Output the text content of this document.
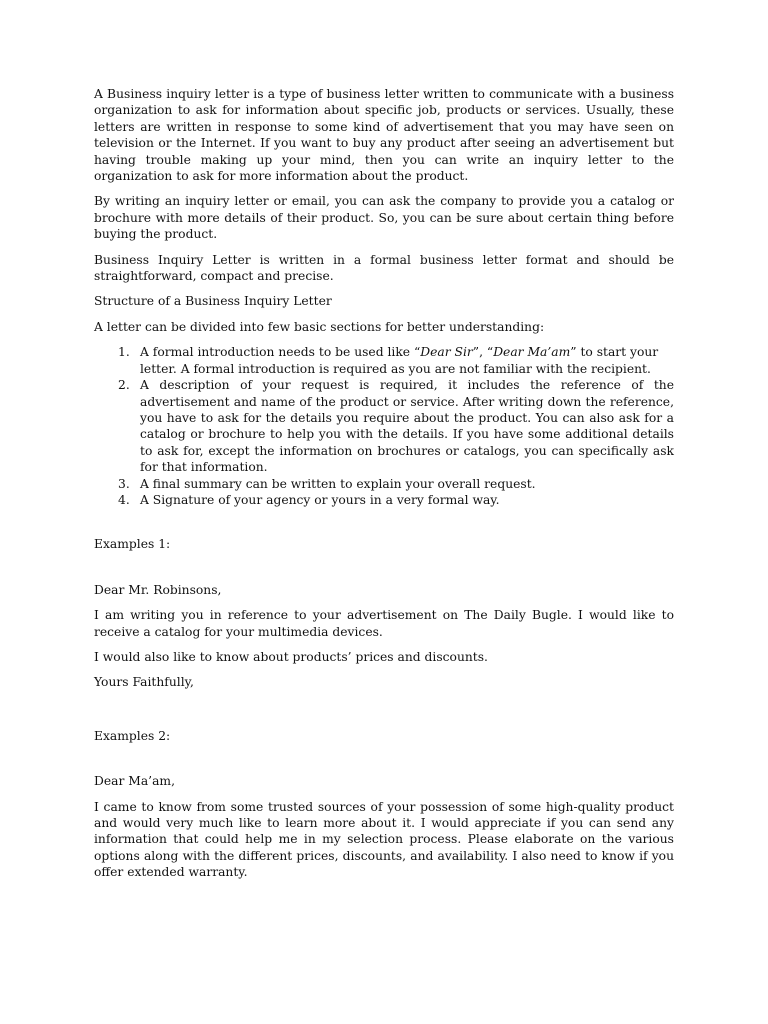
A Business inquiry letter is a type of business letter written to communicate with a business organization to ask for information about specific job, products or services. Usually, these letters are written in response to some kind of advertisement that you may have seen on television or the Internet. If you want to buy any product after seeing an advertisement but having trouble making up your mind, then you can write an inquiry letter to the organization to ask for more information about the product.

By writing an inquiry letter or email, you can ask the company to provide you a catalog or brochure with more details of their product. So, you can be sure about certain thing before buying the product.

Business Inquiry Letter is written in a formal business letter format and should be straightforward, compact and precise.

Structure of a Business Inquiry Letter

A letter can be divided into few basic sections for better understanding:

1. A formal introduction needs to be used like “Dear Sir”, “Dear Ma’am” to start your letter. A formal introduction is required as you are not familiar with the recipient.
2. A description of your request is required, it includes the reference of the advertisement and name of the product or service. After writing down the reference, you have to ask for the details you require about the product. You can also ask for a catalog or brochure to help you with the details. If you have some additional details to ask for, except the information on brochures or catalogs, you can specifically ask for that information.
3. A final summary can be written to explain your overall request.
4. A Signature of your agency or yours in a very formal way.

Examples 1:

Dear Mr. Robinsons,

I am writing you in reference to your advertisement on The Daily Bugle. I would like to receive a catalog for your multimedia devices.

I would also like to know about products’ prices and discounts.

Yours Faithfully,

Examples 2:

Dear Ma’am,

I came to know from some trusted sources of your possession of some high-quality product and would very much like to learn more about it. I would appreciate if you can send any information that could help me in my selection process. Please elaborate on the various options along with the different prices, discounts, and availability. I also need to know if you offer extended warranty.
